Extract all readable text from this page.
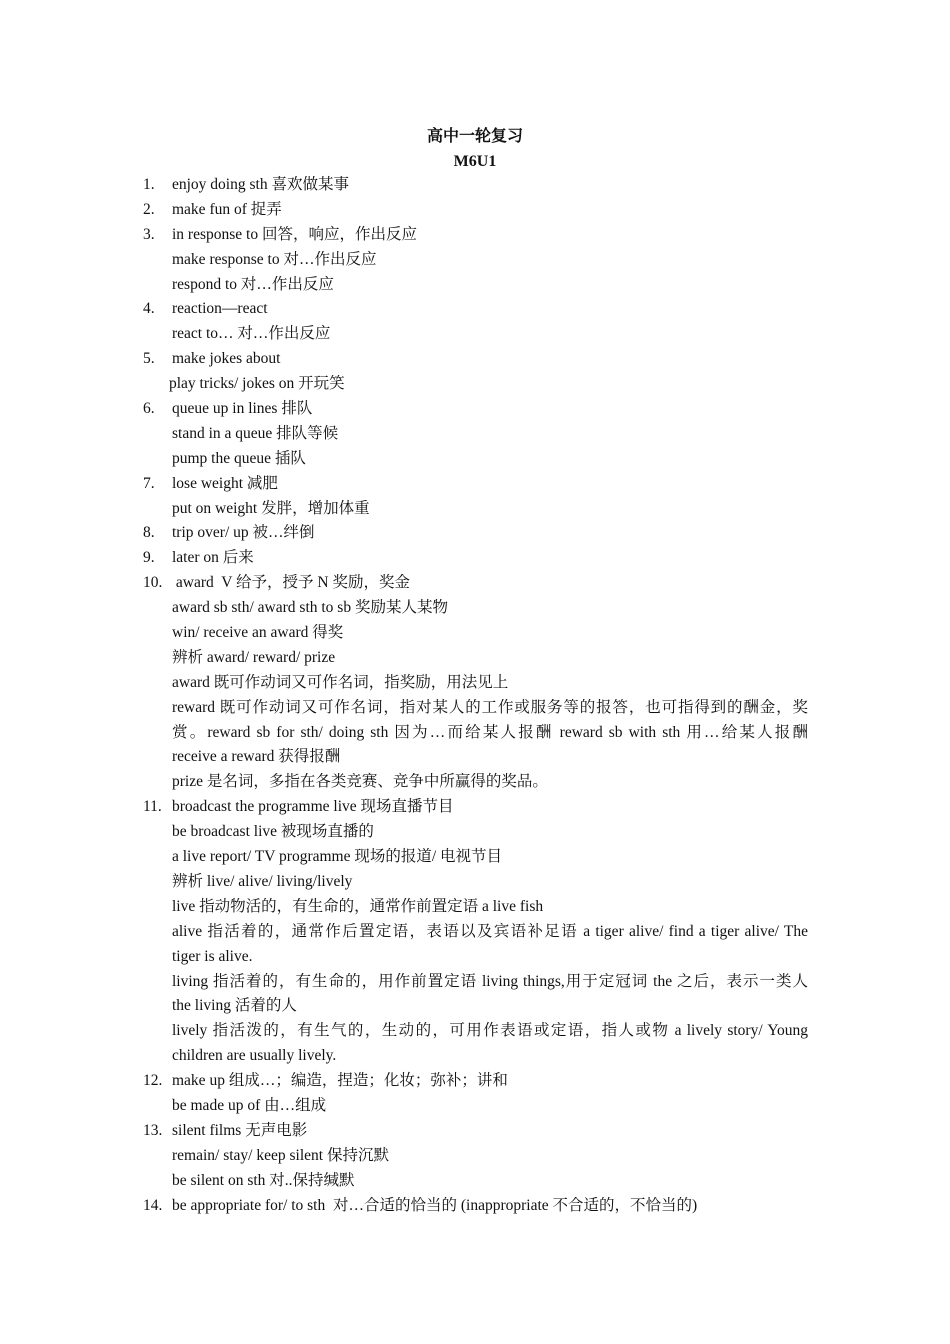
高中一轮复习
M6U1
1. enjoy doing sth 喜欢做某事
2. make fun of 捉弄
3. in response to 回答，响应，作出反应
make response to 对…作出反应
respond to 对…作出反应
4. reaction—react
react to… 对…作出反应
5. make jokes about
play tricks/ jokes on 开玩笑
6. queue up in lines 排队
stand in a queue 排队等候
pump the queue 插队
7. lose weight 减肥
put on weight 发胖，增加体重
8. trip over/ up 被…绊倒
9. later on 后来
10. award  V 给予，授予 N 奖励，奖金
award sb sth/ award sth to sb 奖励某人某物
win/ receive an award 得奖
辨析 award/ reward/ prize
award 既可作动词又可作名词，指奖励，用法见上
reward 既可作动词又可作名词，指对某人的工作或服务等的报答，也可指得到的酬金，奖
赏。reward sb for sth/ doing sth 因为…而给某人报酬 reward sb with sth 用…给某人报酬
receive a reward 获得报酬
prize 是名词，多指在各类竞赛、竞争中所赢得的奖品。
11. broadcast the programme live 现场直播节目
be broadcast live 被现场直播的
a live report/ TV programme 现场的报道/ 电视节目
辨析 live/ alive/ living/lively
live 指动物活的，有生命的，通常作前置定语 a live fish
alive 指活着的，通常作后置定语，表语以及宾语补足语 a tiger alive/ find a tiger alive/ The
tiger is alive.
living 指活着的，有生命的，用作前置定语 living things,用于定冠词 the 之后，表示一类人
the living 活着的人
lively 指活泼的，有生气的，生动的，可用作表语或定语，指人或物 a lively story/ Young
children are usually lively.
12. make up 组成…；编造，捏造；化妆；弥补；讲和
be made up of 由…组成
13. silent films 无声电影
remain/ stay/ keep silent 保持沉默
be silent on sth 对..保持缄默
14. be appropriate for/ to sth  对…合适的恰当的 (inappropriate 不合适的，不恰当的)
